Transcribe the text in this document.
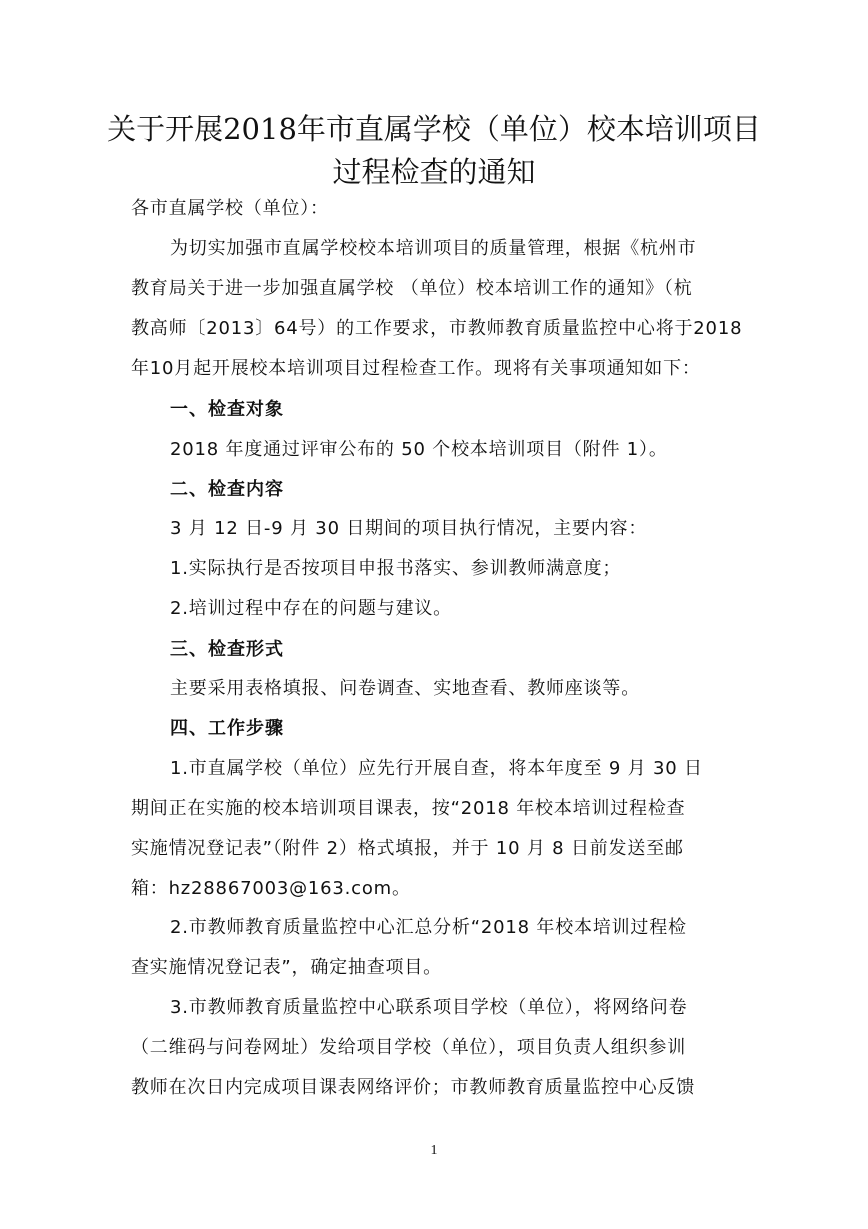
关于开展2018年市直属学校（单位）校本培训项目
过程检查的通知
各市直属学校（单位）：
为切实加强市直属学校校本培训项目的质量管理，根据《杭州市
教育局关于进一步加强直属学校 （单位）校本培训工作的通知》（杭
教高师〔2013〕64号）的工作要求，市教师教育质量监控中心将于2018
年10月起开展校本培训项目过程检查工作。现将有关事项通知如下：
一、检查对象
2018 年度通过评审公布的 50 个校本培训项目（附件 1）。
二、检查内容
3 月 12 日-9 月 30 日期间的项目执行情况，主要内容：
1.实际执行是否按项目申报书落实、参训教师满意度；
2.培训过程中存在的问题与建议。
三、检查形式
主要采用表格填报、问卷调查、实地查看、教师座谈等。
四、工作步骤
1.市直属学校（单位）应先行开展自查，将本年度至 9 月 30 日
期间正在实施的校本培训项目课表，按“2018 年校本培训过程检查
实施情况登记表”（附件 2）格式填报，并于 10 月 8 日前发送至邮
箱：hz28867003@163.com。
2.市教师教育质量监控中心汇总分析“2018 年校本培训过程检
查实施情况登记表”，确定抽查项目。
3.市教师教育质量监控中心联系项目学校（单位），将网络问卷
（二维码与问卷网址）发给项目学校（单位），项目负责人组织参训
教师在次日内完成项目课表网络评价；市教师教育质量监控中心反馈
1
